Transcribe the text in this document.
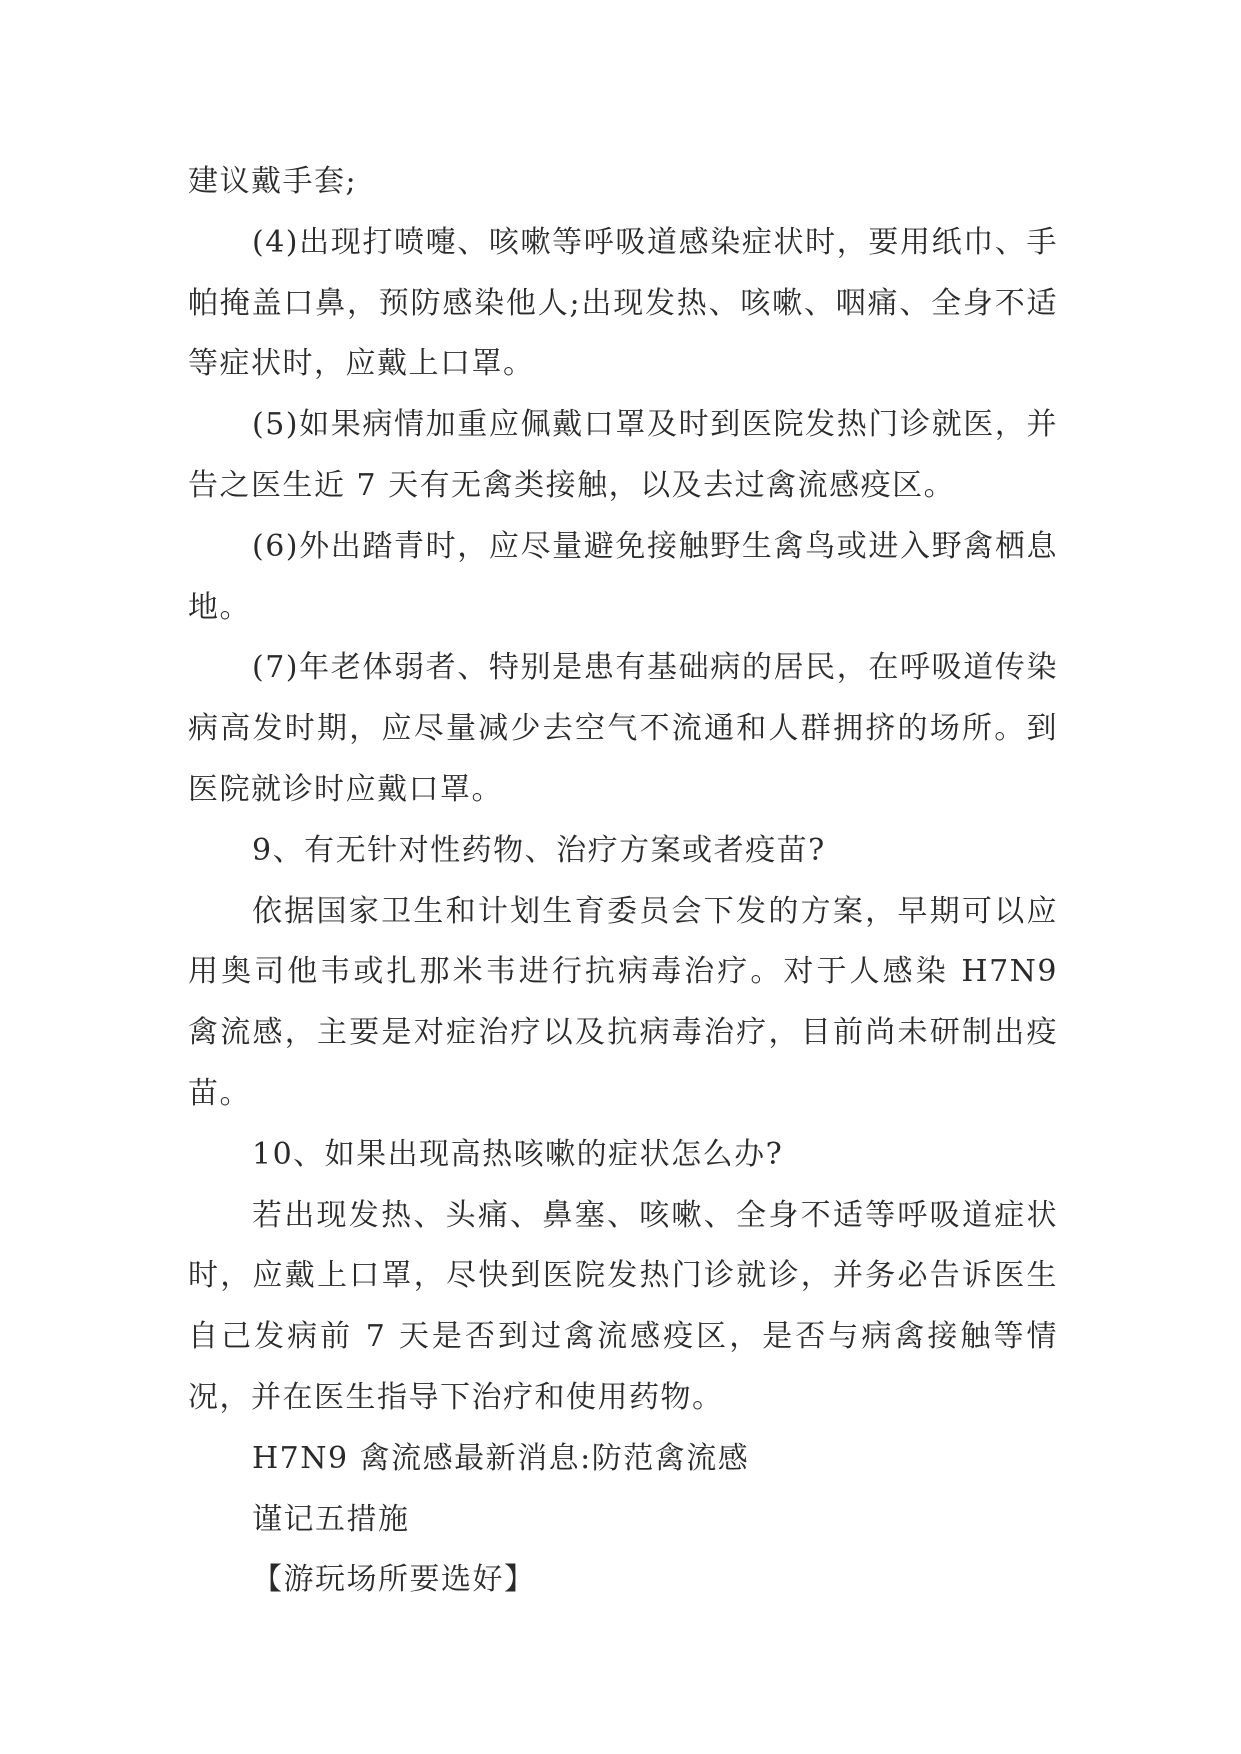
建议戴手套;

(4)出现打喷嚏、咳嗽等呼吸道感染症状时，要用纸巾、手帕掩盖口鼻，预防感染他人;出现发热、咳嗽、咽痛、全身不适等症状时，应戴上口罩。

(5)如果病情加重应佩戴口罩及时到医院发热门诊就医，并告之医生近 7 天有无禽类接触，以及去过禽流感疫区。

(6)外出踏青时，应尽量避免接触野生禽鸟或进入野禽栖息地。

(7)年老体弱者、特别是患有基础病的居民，在呼吸道传染病高发时期，应尽量减少去空气不流通和人群拥挤的场所。到医院就诊时应戴口罩。

9、有无针对性药物、治疗方案或者疫苗?

依据国家卫生和计划生育委员会下发的方案，早期可以应用奥司他韦或扎那米韦进行抗病毒治疗。对于人感染 H7N9 禽流感，主要是对症治疗以及抗病毒治疗，目前尚未研制出疫苗。

10、如果出现高热咳嗽的症状怎么办?

若出现发热、头痛、鼻塞、咳嗽、全身不适等呼吸道症状时，应戴上口罩，尽快到医院发热门诊就诊，并务必告诉医生自己发病前 7 天是否到过禽流感疫区，是否与病禽接触等情况，并在医生指导下治疗和使用药物。

H7N9 禽流感最新消息:防范禽流感

谨记五措施

【游玩场所要选好】
